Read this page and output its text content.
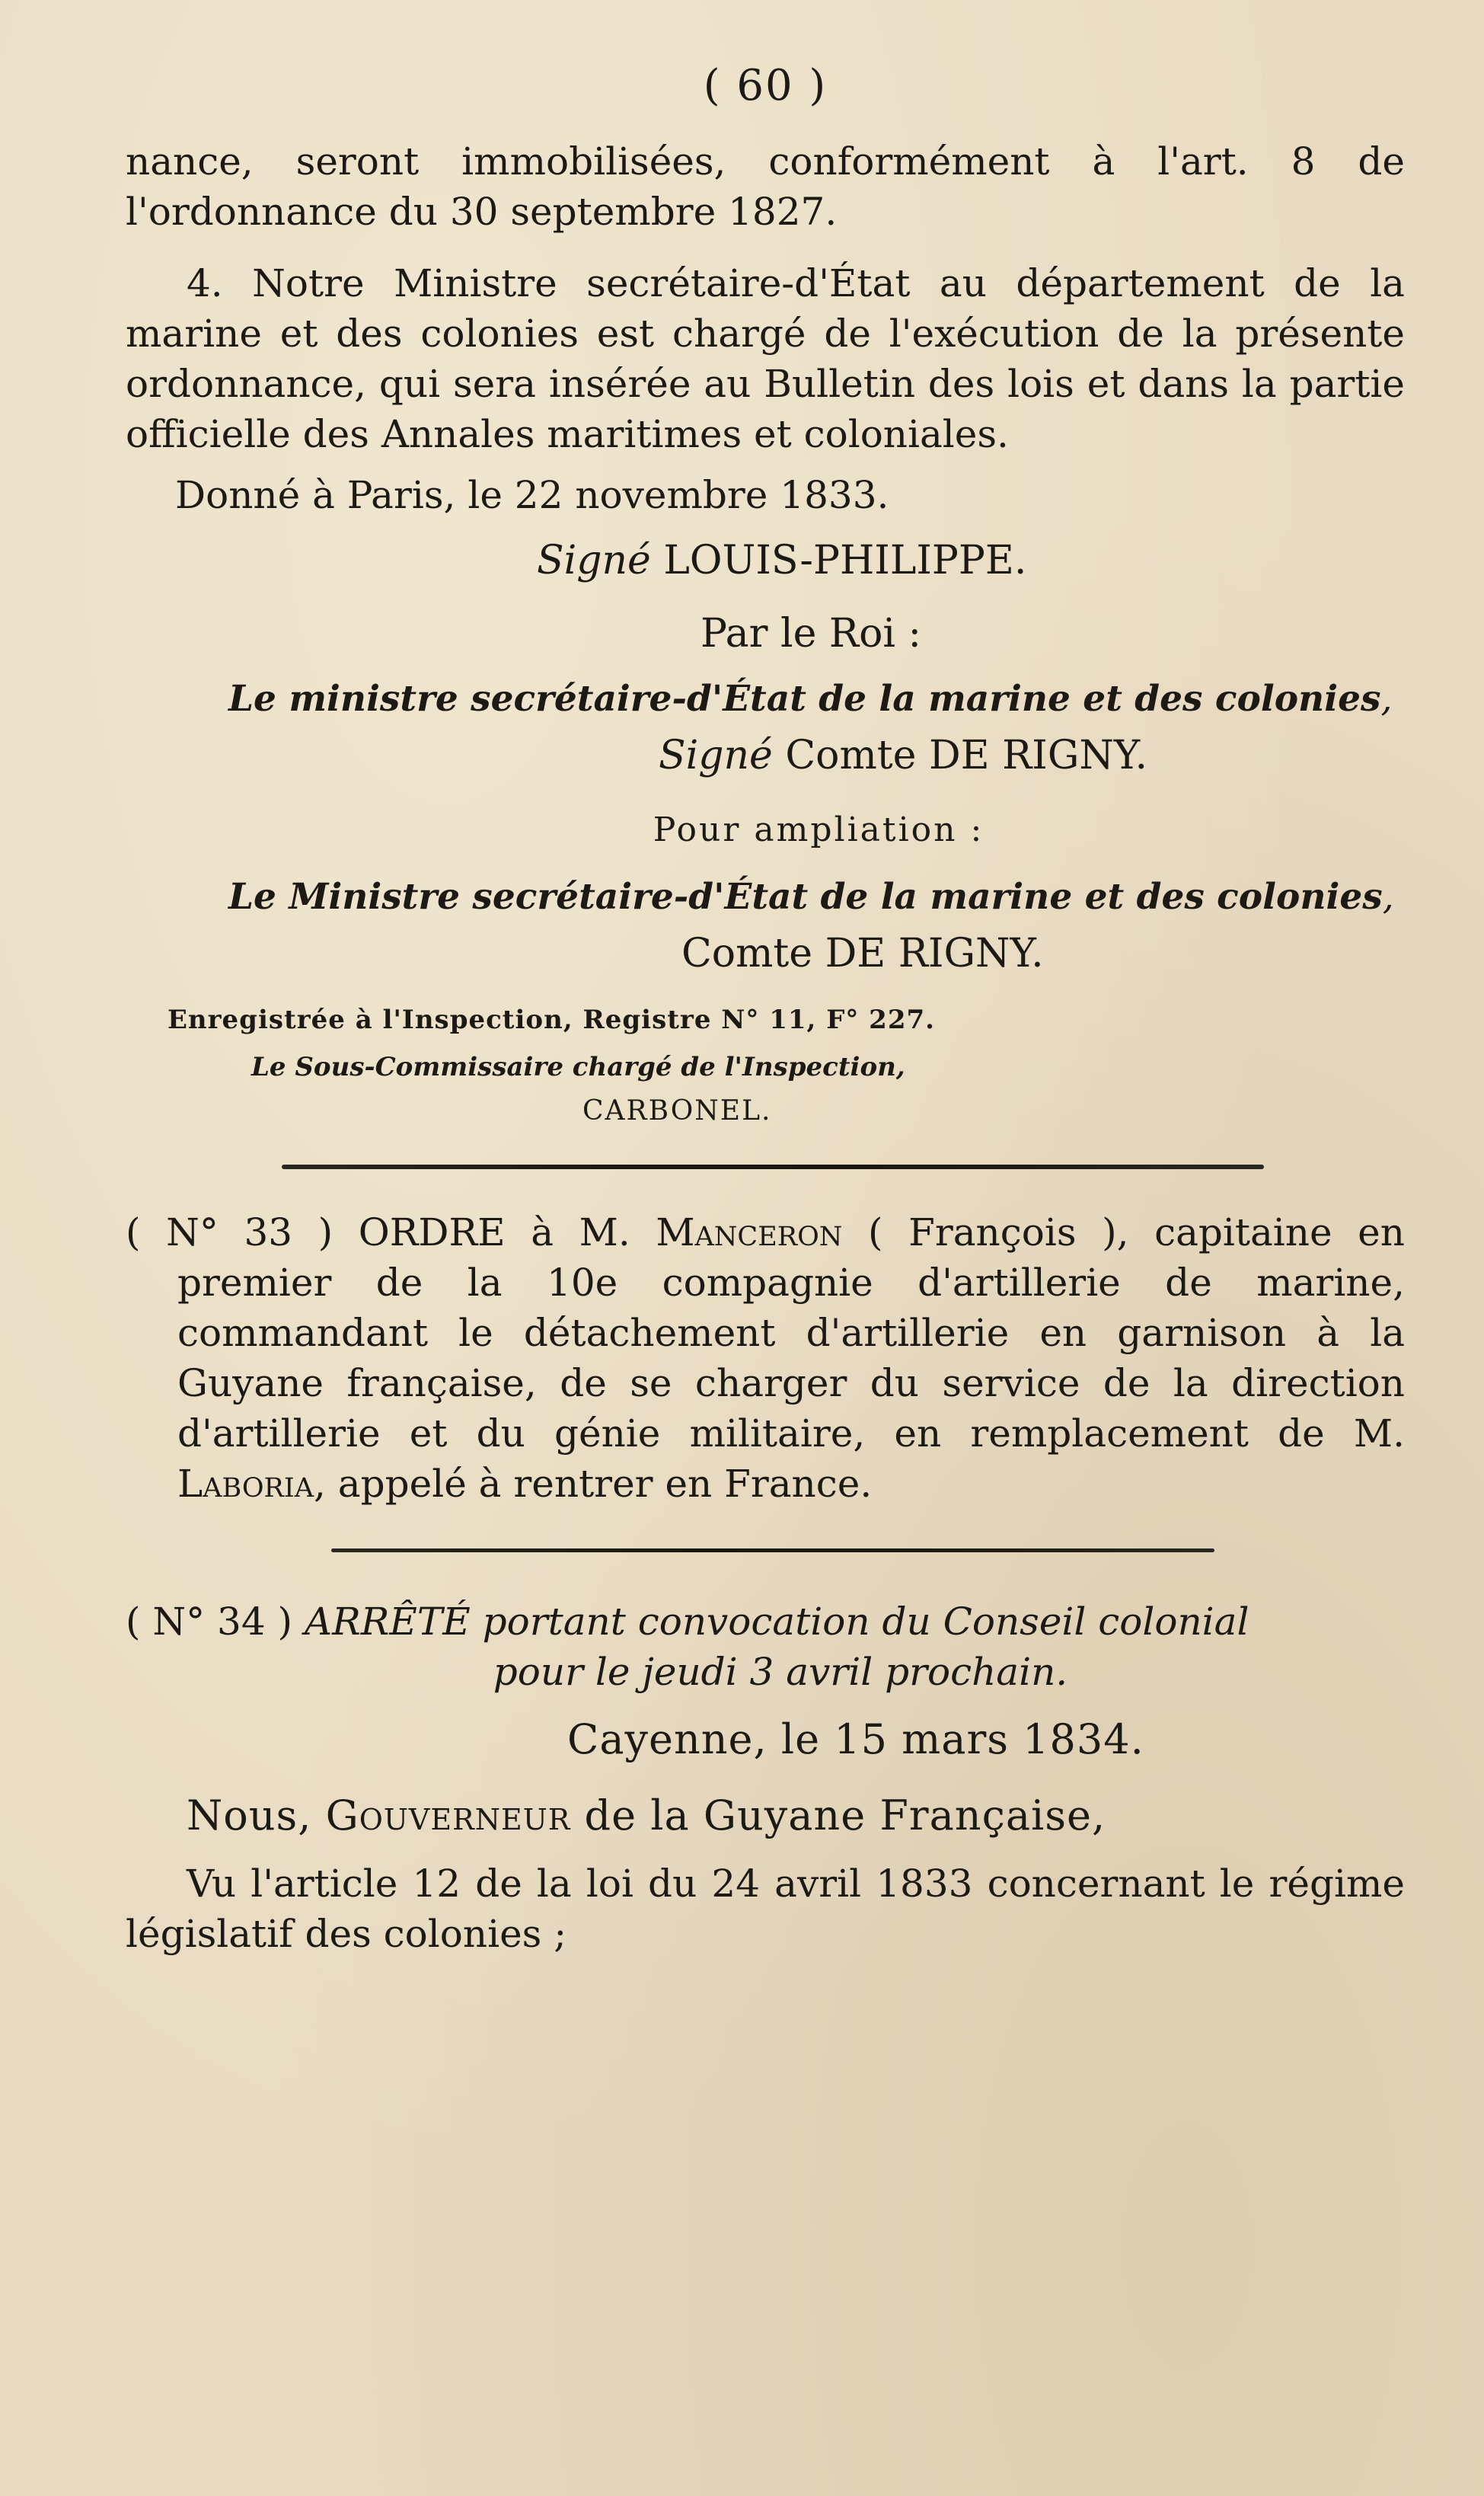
( 60 )

nance, seront immobilisées, conformément à l'art. 8 de l'ordonnance du 30 septembre 1827.

4. Notre Ministre secrétaire-d'État au département de la marine et des colonies est chargé de l'exécution de la présente ordonnance, qui sera insérée au Bulletin des lois et dans la partie officielle des Annales maritimes et coloniales.

Donné à Paris, le 22 novembre 1833.

Signé LOUIS-PHILIPPE.

Par le Roi :

Le ministre secrétaire-d'État de la marine et des colonies,

Signé Comte DE RIGNY.

Pour ampliation :

Le Ministre secrétaire-d'État de la marine et des colonies,

Comte DE RIGNY.

Enregistrée à l'Inspection, Registre N° 11, F° 227.

Le Sous-Commissaire chargé de l'Inspection,

CARBONEL.

( N° 33 ) ORDRE à M. Manceron ( François ), capitaine en premier de la 10e compagnie d'artillerie de marine, commandant le détachement d'artillerie en garnison à la Guyane française, de se charger du service de la direction d'artillerie et du génie militaire, en remplacement de M. Laboria, appelé à rentrer en France.

( N° 34 ) ARRÊTÉ portant convocation du Conseil colonial
pour le jeudi 3 avril prochain.

Cayenne, le 15 mars 1834.

Nous, Gouverneur de la Guyane Française,

Vu l'article 12 de la loi du 24 avril 1833 concernant le régime législatif des colonies ;
